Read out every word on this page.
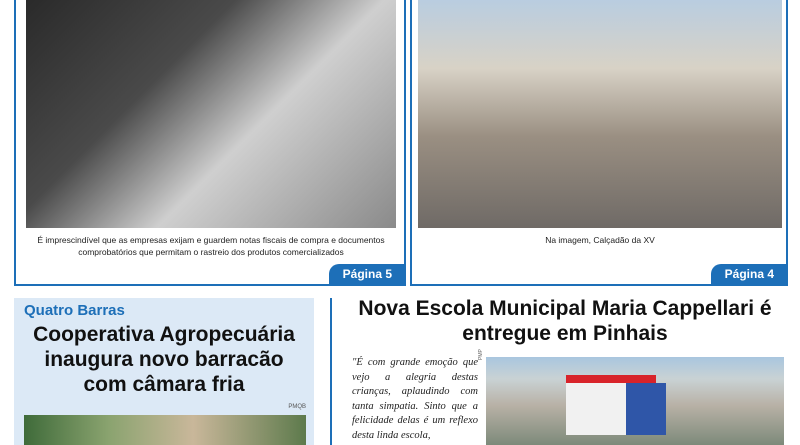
É imprescindível que as empresas exijam e guardem notas fiscais de compra e documentos comprobatórios que permitam o rastreio dos produtos comercializados

Página 5

Na imagem, Calçadão da XV

Página 4
Quatro Barras
Cooperativa Agropecuária inaugura novo barracão com câmara fria
PMQB
Nova Escola Municipal Maria Cappellari é entregue em Pinhais

"É com grande emoção que vejo a alegria destas crianças, aplaudindo com tanta simpatia. Sinto que a felicidade delas é um reflexo desta linda escola,

PMP
